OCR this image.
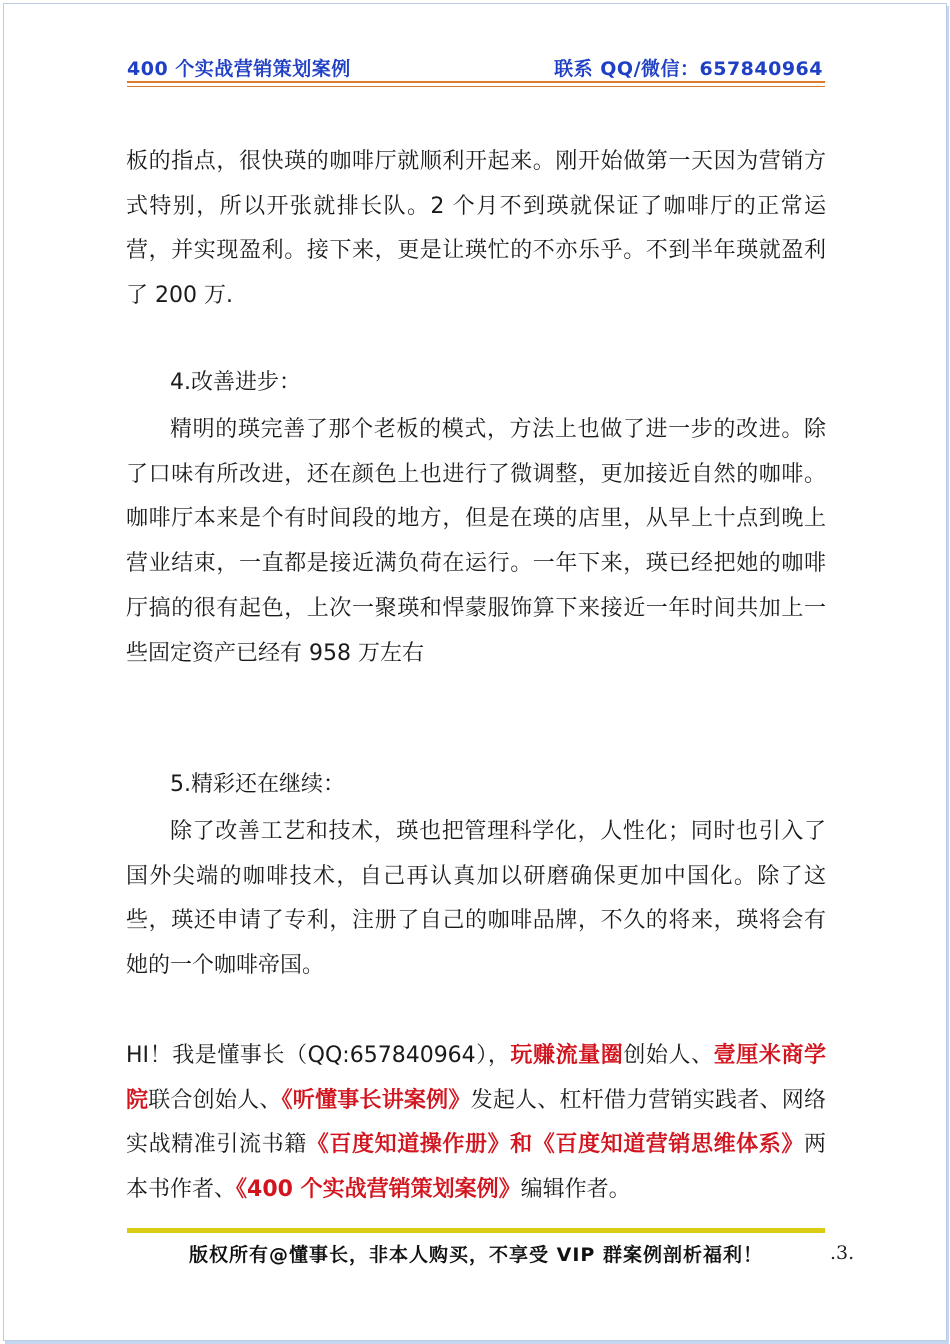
400 个实战营销策划案例	联系 QQ/微信：657840964

板的指点，很快瑛的咖啡厅就顺利开起来。刚开始做第一天因为营销方式特别，所以开张就排长队。2 个月不到瑛就保证了咖啡厅的正常运营，并实现盈利。接下来，更是让瑛忙的不亦乐乎。不到半年瑛就盈利了 200 万.

4.改善进步：

精明的瑛完善了那个老板的模式，方法上也做了进一步的改进。除了口味有所改进，还在颜色上也进行了微调整，更加接近自然的咖啡。咖啡厅本来是个有时间段的地方，但是在瑛的店里，从早上十点到晚上营业结束，一直都是接近满负荷在运行。一年下来，瑛已经把她的咖啡厅搞的很有起色，上次一聚瑛和悍蒙服饰算下来接近一年时间共加上一些固定资产已经有 958 万左右

5.精彩还在继续：

除了改善工艺和技术，瑛也把管理科学化，人性化；同时也引入了国外尖端的咖啡技术，自己再认真加以研磨确保更加中国化。除了这些，瑛还申请了专利，注册了自己的咖啡品牌，不久的将来，瑛将会有她的一个咖啡帝国。

HI！我是懂事长（QQ:657840964），玩赚流量圈创始人、壹厘米商学院联合创始人、《听懂事长讲案例》发起人、杠杆借力营销实践者、网络实战精准引流书籍《百度知道操作册》和《百度知道营销思维体系》两本书作者、《400 个实战营销策划案例》编辑作者。

版权所有@懂事长，非本人购买，不享受 VIP 群案例剖析福利！	.3.
